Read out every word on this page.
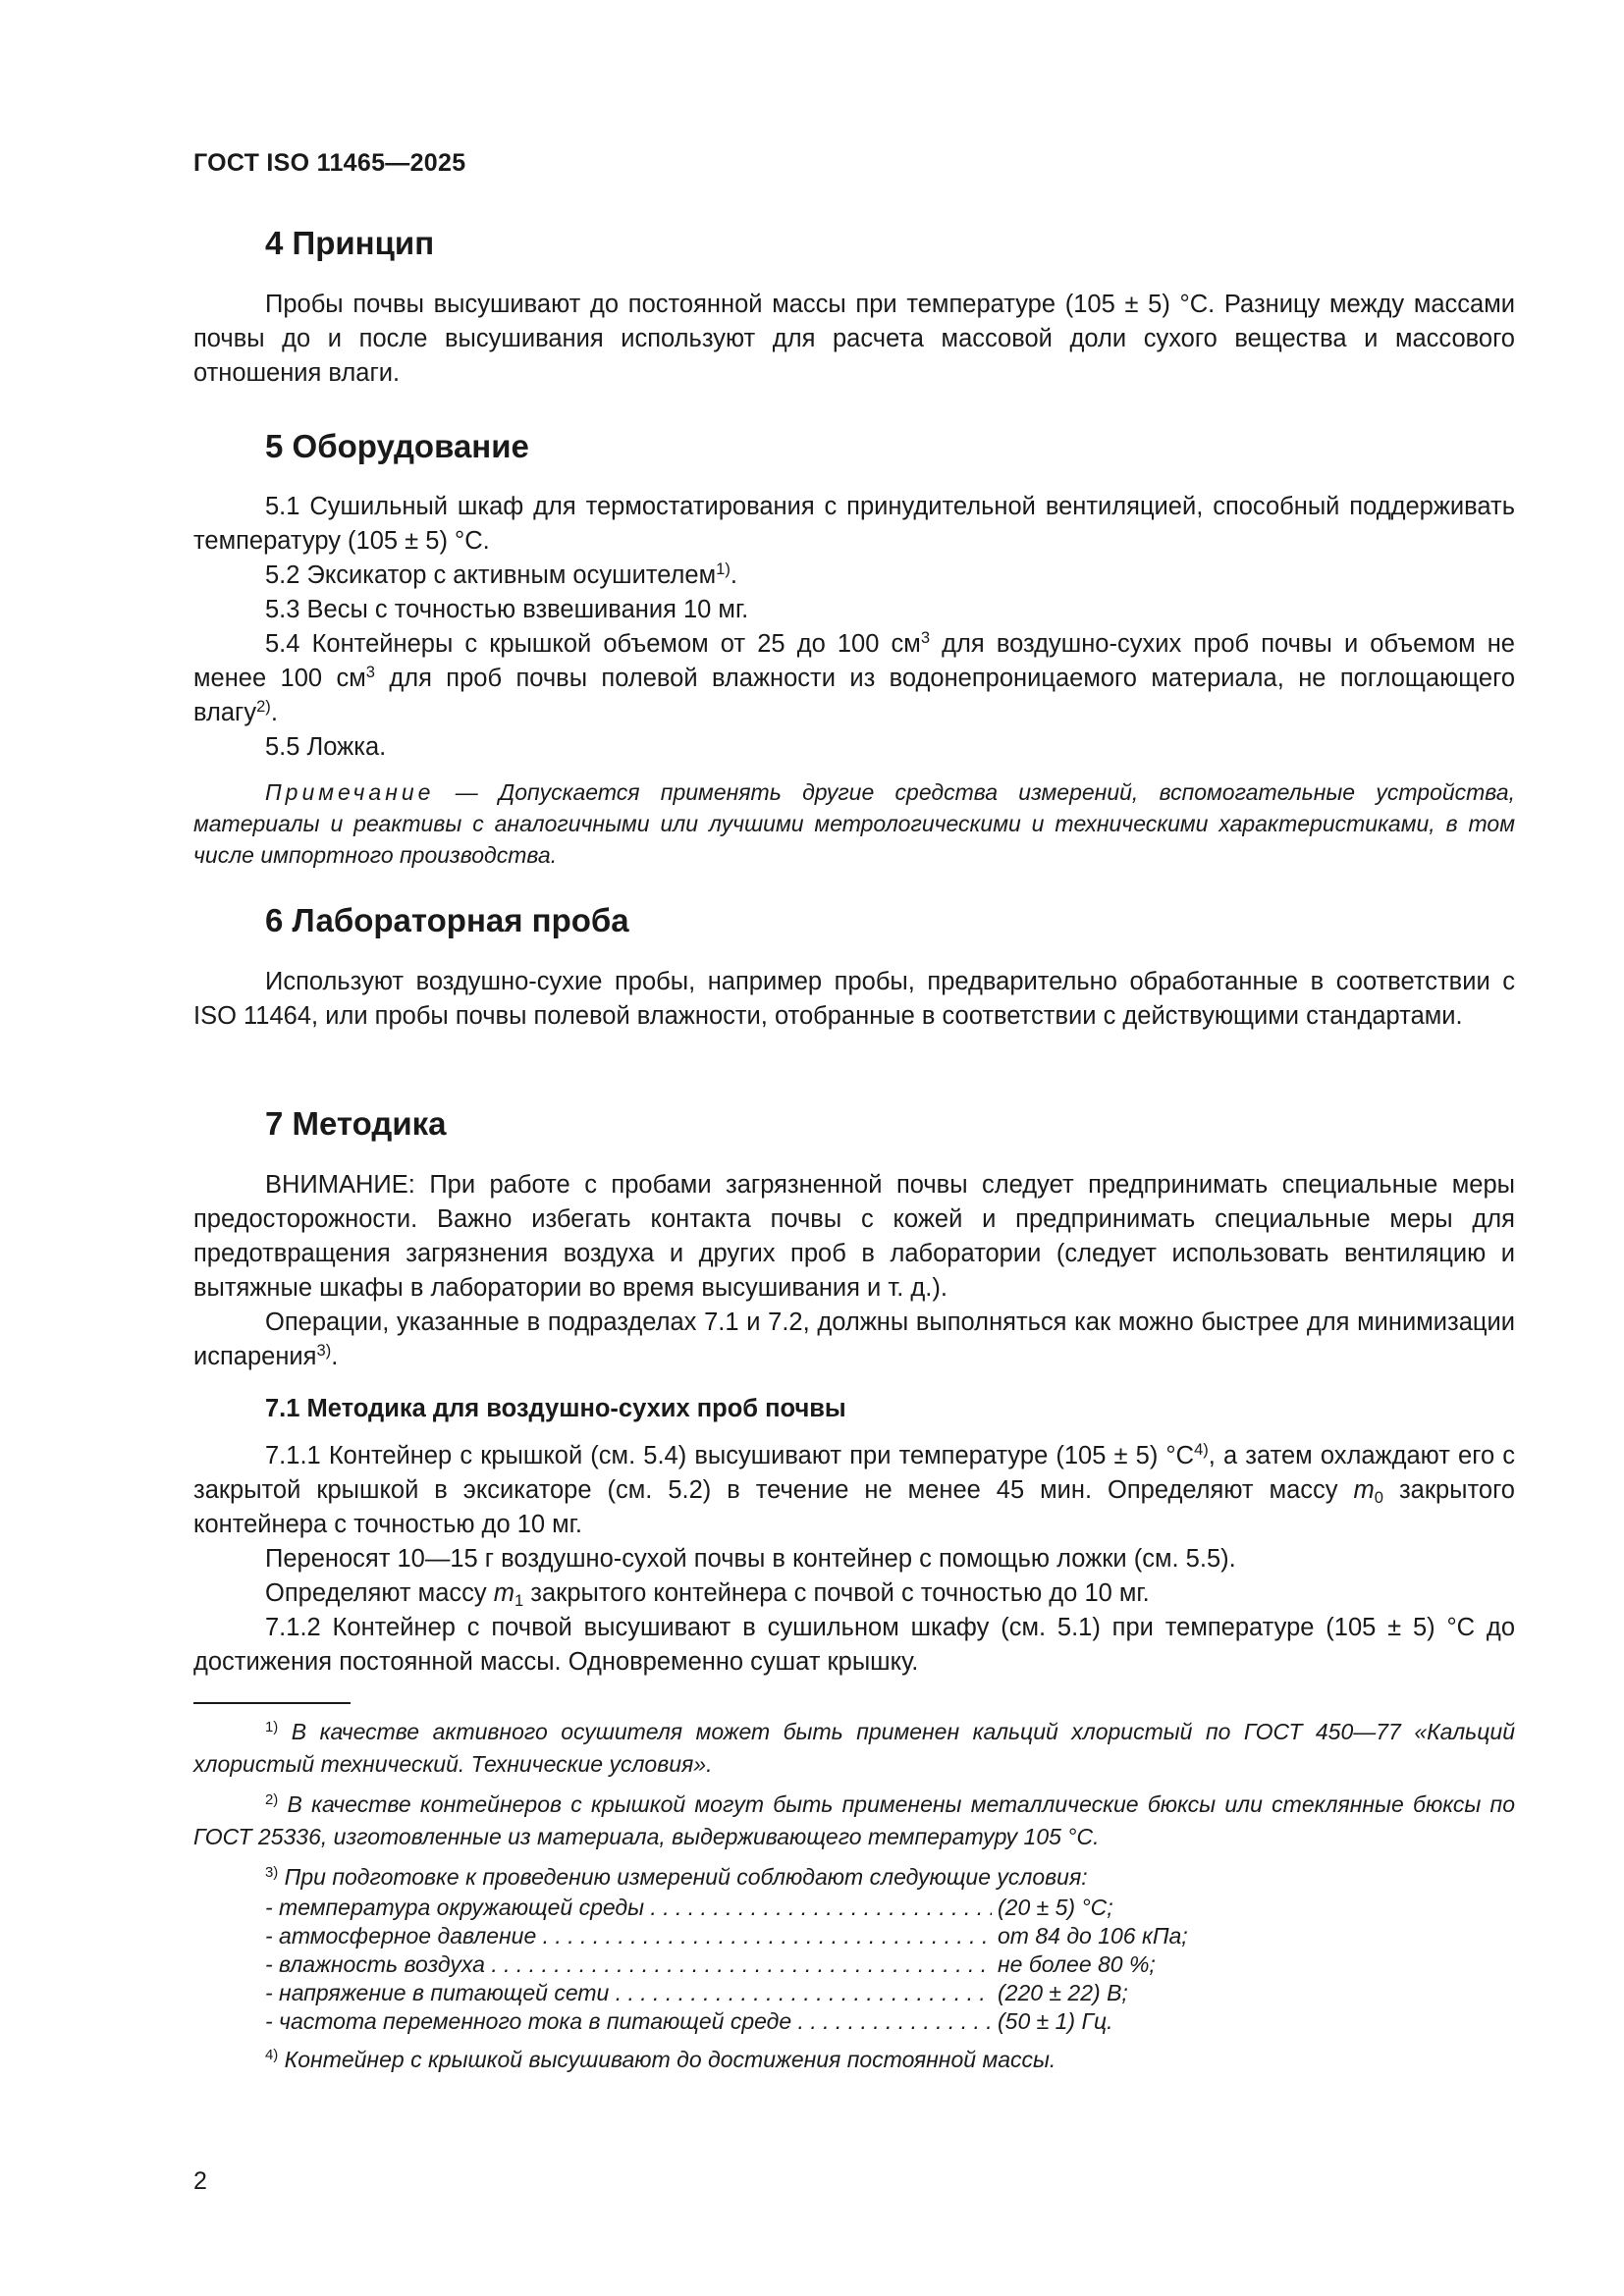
ГОСТ ISO 11465—2025
4 Принцип

Пробы почвы высушивают до постоянной массы при температуре (105 ± 5) °С. Разницу между массами почвы до и после высушивания используют для расчета массовой доли сухого вещества и массового отношения влаги.

5 Оборудование

5.1 Сушильный шкаф для термостатирования с принудительной вентиляцией, способный поддерживать температуру (105 ± 5) °С.

5.2 Эксикатор с активным осушителем$^{1)}$.

5.3 Весы с точностью взвешивания 10 мг.

5.4 Контейнеры с крышкой объемом от 25 до 100 $см^3$ для воздушно-сухих проб почвы и объемом не менее 100 $см^3$ для проб почвы полевой влажности из водонепроницаемого материала, не поглощающего влагу$^{2)}$.

5.5 Ложка.

Примечание — Допускается применять другие средства измерений, вспомогательные устройства, материалы и реактивы с аналогичными или лучшими метрологическими и техническими характеристиками, в том числе импортного производства.

6 Лабораторная проба

Используют воздушно-сухие пробы, например пробы, предварительно обработанные в соответствии с ISO 11464, или пробы почвы полевой влажности, отобранные в соответствии с действующими стандартами.

7 Методика

ВНИМАНИЕ: При работе с пробами загрязненной почвы следует предпринимать специальные меры предосторожности. Важно избегать контакта почвы с кожей и предпринимать специальные меры для предотвращения загрязнения воздуха и других проб в лаборатории (следует использовать вентиляцию и вытяжные шкафы в лаборатории во время высушивания и т. д.).

Операции, указанные в подразделах 7.1 и 7.2, должны выполняться как можно быстрее для минимизации испарения$^{3)}$.

7.1 Методика для воздушно-сухих проб почвы

7.1.1 Контейнер с крышкой (см. 5.4) высушивают при температуре (105 ± 5) $^\circ С^{4)}$, а затем охлаждают его с закрытой крышкой в эксикаторе (см. 5.2) в течение не менее 45 мин. Определяют массу $m_0$ закрытого контейнера с точностью до 10 мг.

Переносят 10—15 г воздушно-сухой почвы в контейнер с помощью ложки (см. 5.5).

Определяют массу $m_1$ закрытого контейнера с почвой с точностью до 10 мг.

7.1.2 Контейнер с почвой высушивают в сушильном шкафу (см. 5.1) при температуре (105 ± 5) °С до достижения постоянной массы. Одновременно сушат крышку.

$^{1)}$ В качестве активного осушителя может быть применен кальций хлористый по ГОСТ 450—77 «Кальций хлористый технический. Технические условия».

$^{2)}$ В качестве контейнеров с крышкой могут быть применены металлические бюксы или стеклянные бюксы по ГОСТ 25336, изготовленные из материала, выдерживающего температуру 105 °С.

$^{3)}$ При подготовке к проведению измерений соблюдают следующие условия:

- температура окружающей среды . . .	(20 ± 5) °С;
- атмосферное давление . . .	от 84 до 106 кПа;
- влажность воздуха . . .	не более 80 %;
- напряжение в питающей сети . . .	(220 ± 22) В;
- частота переменного тока в питающей среде . . .	(50 ± 1) Гц.

$^{4)}$ Контейнер с крышкой высушивают до достижения постоянной массы.

2
